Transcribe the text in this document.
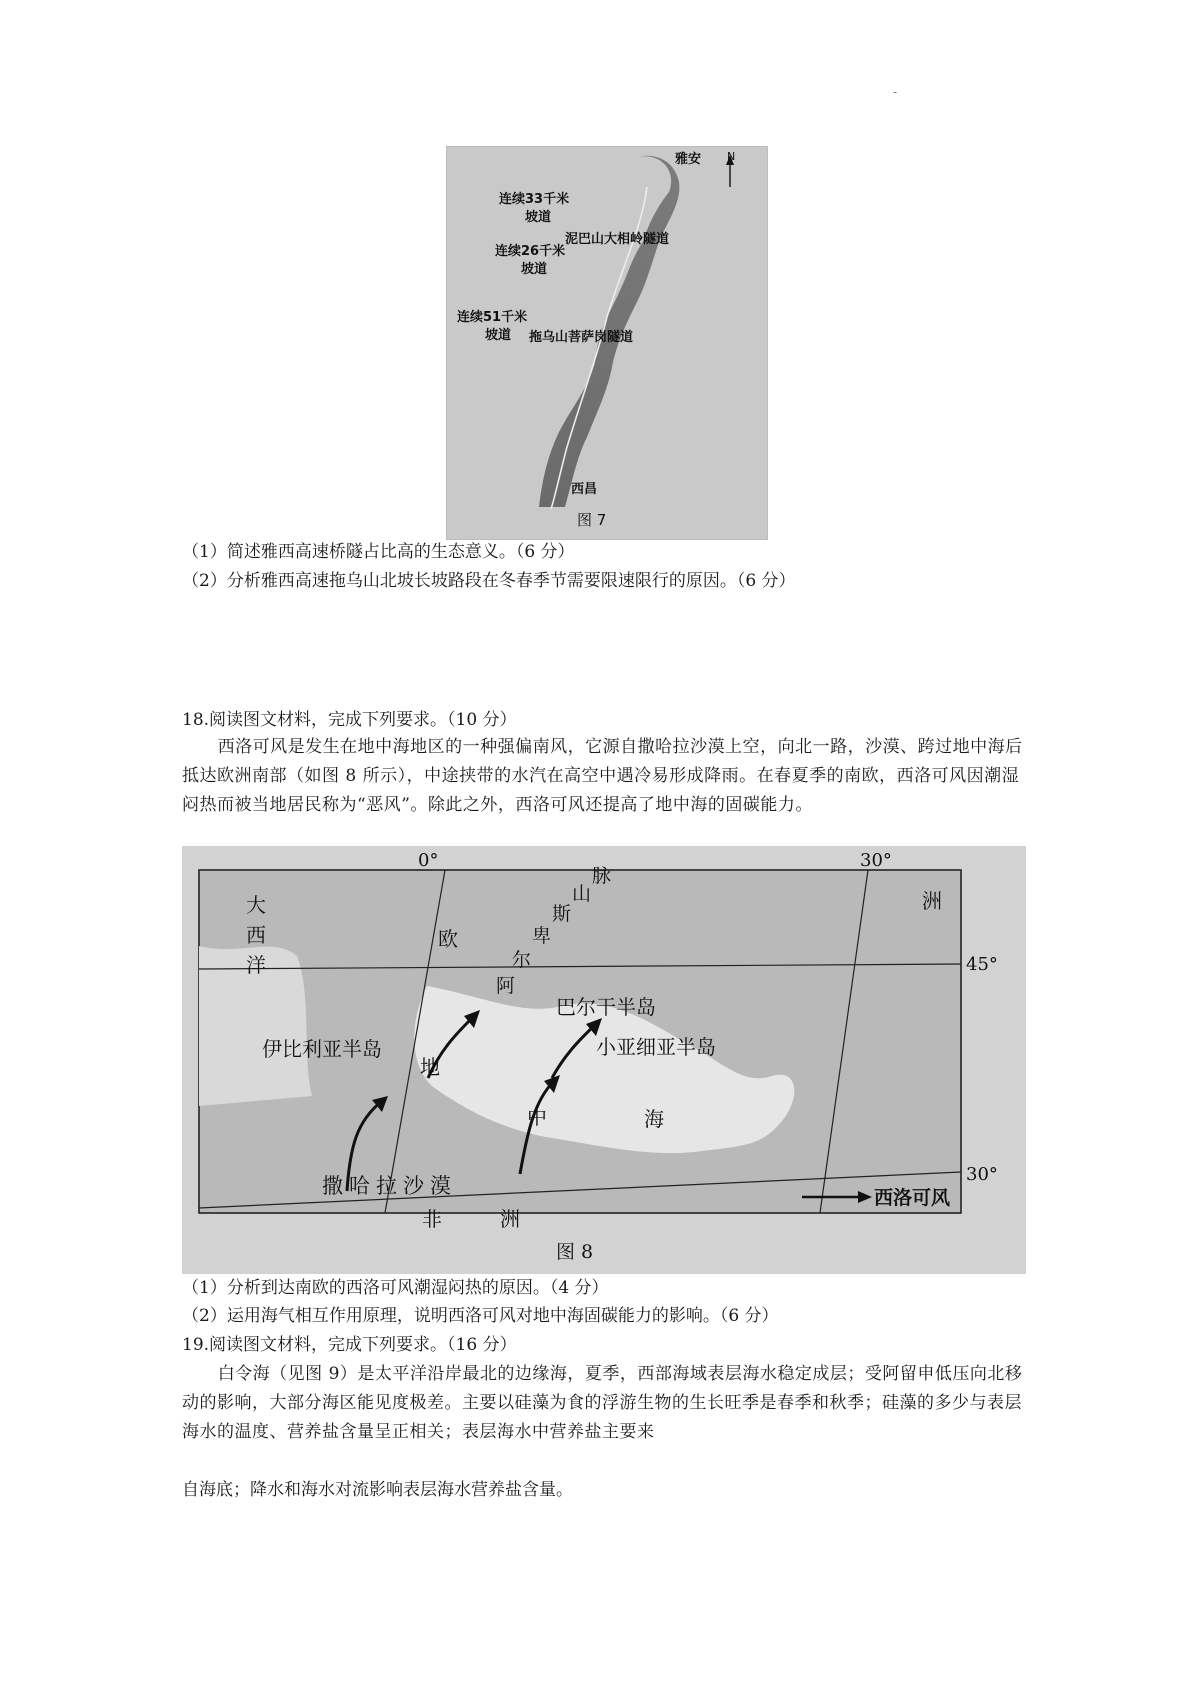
-
N
雅安
连续33千米
坡道
泥巴山大相岭隧道
连续26千米
坡道
连续51千米
坡道 拖乌山菩萨岗隧道
西昌
图 7
（1）简述雅西高速桥隧占比高的生态意义。（6 分）
（2）分析雅西高速拖乌山北坡长坡路段在冬春季节需要限速限行的原因。（6 分）
18.阅读图文材料，完成下列要求。（10 分）
西洛可风是发生在地中海地区的一种强偏南风，它源自撒哈拉沙漠上空，向北一路，沙漠、跨过地中海后抵达欧洲南部（如图 8 所示），中途挟带的水汽在高空中遇冷易形成降雨。在春夏季的南欧，西洛可风因潮湿闷热而被当地居民称为“恶风”。除此之外，西洛可风还提高了地中海的固碳能力。
0°	30°
45°
30°
大
西
洋
欧
洲
阿
尔
卑
斯
山
脉
伊比利亚半岛
巴尔干半岛
小亚细亚半岛
地
中	海
撒哈拉沙漠
非	洲
图 8
西洛可风
（1）分析到达南欧的西洛可风潮湿闷热的原因。（4 分）
（2）运用海气相互作用原理，说明西洛可风对地中海固碳能力的影响。（6 分）
19.阅读图文材料，完成下列要求。（16 分）
白令海（见图 9）是太平洋沿岸最北的边缘海，夏季，西部海域表层海水稳定成层；受阿留申低压向北移动的影响，大部分海区能见度极差。主要以硅藻为食的浮游生物的生长旺季是春季和秋季；硅藻的多少与表层海水的温度、营养盐含量呈正相关；表层海水中营养盐主要来
自海底；降水和海水对流影响表层海水营养盐含量。
